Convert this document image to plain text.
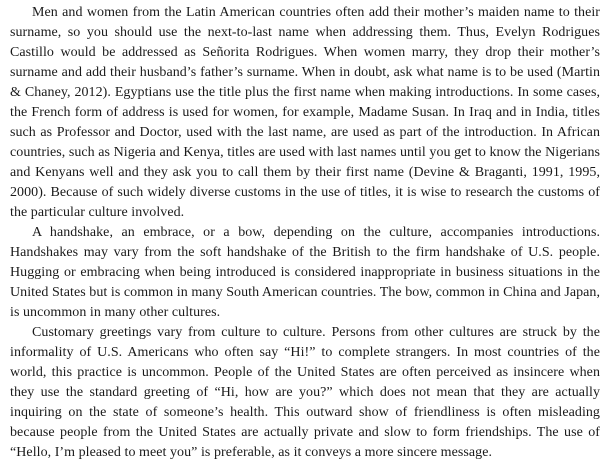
Men and women from the Latin American countries often add their mother’s maiden name to their surname, so you should use the next-to-last name when addressing them. Thus, Evelyn Rodrigues Castillo would be addressed as Señorita Rodrigues. When women marry, they drop their mother’s surname and add their husband’s father’s surname. When in doubt, ask what name is to be used (Martin & Chaney, 2012). Egyptians use the title plus the first name when making introductions. In some cases, the French form of address is used for women, for example, Madame Susan. In Iraq and in India, titles such as Professor and Doctor, used with the last name, are used as part of the introduction. In African countries, such as Nigeria and Kenya, titles are used with last names until you get to know the Nigerians and Kenyans well and they ask you to call them by their first name (Devine & Braganti, 1991, 1995, 2000). Because of such widely diverse customs in the use of titles, it is wise to research the customs of the particular culture involved.

A handshake, an embrace, or a bow, depending on the culture, accompanies introductions. Handshakes may vary from the soft handshake of the British to the firm handshake of U.S. people. Hugging or embracing when being introduced is considered inappropriate in business situations in the United States but is common in many South American countries. The bow, common in China and Japan, is uncommon in many other cultures.

Customary greetings vary from culture to culture. Persons from other cultures are struck by the informality of U.S. Americans who often say “Hi!” to complete strangers. In most countries of the world, this practice is uncommon. People of the United States are often perceived as insincere when they use the standard greeting of “Hi, how are you?” which does not mean that they are actually inquiring on the state of someone’s health. This outward show of friendliness is often misleading because people from the United States are actually private and slow to form friendships. The use of “Hello, I’m pleased to meet you” is preferable, as it conveys a more sincere message.
